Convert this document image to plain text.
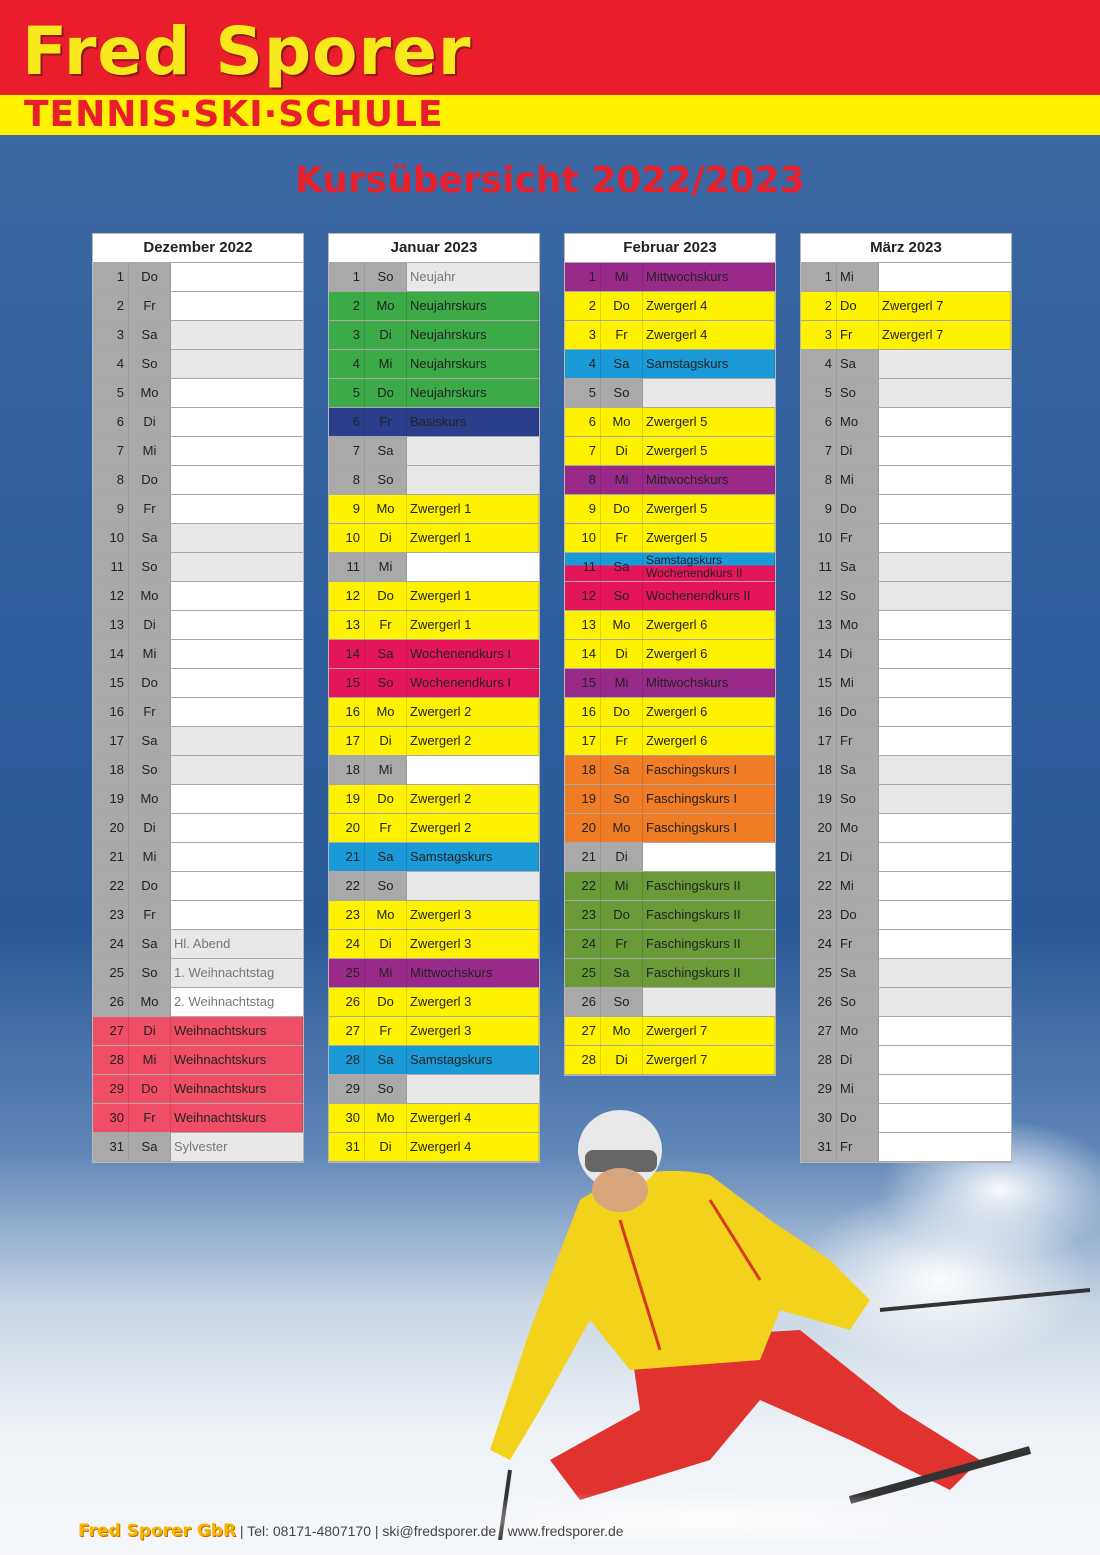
Fred Sporer
TENNIS·SKI·SCHULE
Kursübersicht 2022/2023
Dezember 2022
1	Do
2	Fr
3	Sa
4	So
5	Mo
6	Di
7	Mi
8	Do
9	Fr
10	Sa
11	So
12	Mo
13	Di
14	Mi
15	Do
16	Fr
17	Sa
18	So
19	Mo
20	Di
21	Mi
22	Do
23	Fr
24	Sa	Hl. Abend
25	So	1. Weihnachtstag
26	Mo	2. Weihnachtstag
27	Di	Weihnachtskurs
28	Mi	Weihnachtskurs
29	Do	Weihnachtskurs
30	Fr	Weihnachtskurs
31	Sa	Sylvester
Januar 2023
1	So	Neujahr
2	Mo	Neujahrskurs
3	Di	Neujahrskurs
4	Mi	Neujahrskurs
5	Do	Neujahrskurs
6	Fr	Basiskurs
7	Sa
8	So
9	Mo	Zwergerl 1
10	Di	Zwergerl 1
11	Mi
12	Do	Zwergerl 1
13	Fr	Zwergerl 1
14	Sa	Wochenendkurs I
15	So	Wochenendkurs I
16	Mo	Zwergerl 2
17	Di	Zwergerl 2
18	Mi
19	Do	Zwergerl 2
20	Fr	Zwergerl 2
21	Sa	Samstagskurs
22	So
23	Mo	Zwergerl 3
24	Di	Zwergerl 3
25	Mi	Mittwochskurs
26	Do	Zwergerl 3
27	Fr	Zwergerl 3
28	Sa	Samstagskurs
29	So
30	Mo	Zwergerl 4
31	Di	Zwergerl 4
Februar 2023
1	Mi	Mittwochskurs
2	Do	Zwergerl 4
3	Fr	Zwergerl 4
4	Sa	Samstagskurs
5	So
6	Mo	Zwergerl 5
7	Di	Zwergerl 5
8	Mi	Mittwochskurs
9	Do	Zwergerl 5
10	Fr	Zwergerl 5
11	Sa	Samstagskurs
Wochenendkurs II
12	So	Wochenendkurs II
13	Mo	Zwergerl 6
14	Di	Zwergerl 6
15	Mi	Mittwochskurs
16	Do	Zwergerl 6
17	Fr	Zwergerl 6
18	Sa	Faschingskurs I
19	So	Faschingskurs I
20	Mo	Faschingskurs I
21	Di
22	Mi	Faschingskurs II
23	Do	Faschingskurs II
24	Fr	Faschingskurs II
25	Sa	Faschingskurs II
26	So
27	Mo	Zwergerl 7
28	Di	Zwergerl 7
März 2023
1 Mi
2 Do	Zwergerl 7
3 Fr	Zwergerl 7
4 Sa
5 So
6 Mo
7 Di
8 Mi
9 Do
10 Fr
11 Sa
12 So
13 Mo
14 Di
15 Mi
16 Do
17 Fr
18 Sa
19 So
20 Mo
21 Di
22 Mi
23 Do
24 Fr
25 Sa
26 So
27 Mo
28 Di
29 Mi
30 Do
31 Fr
Fred Sporer GbR | Tel: 08171-4807170 | ski@fredsporer.de | www.fredsporer.de
